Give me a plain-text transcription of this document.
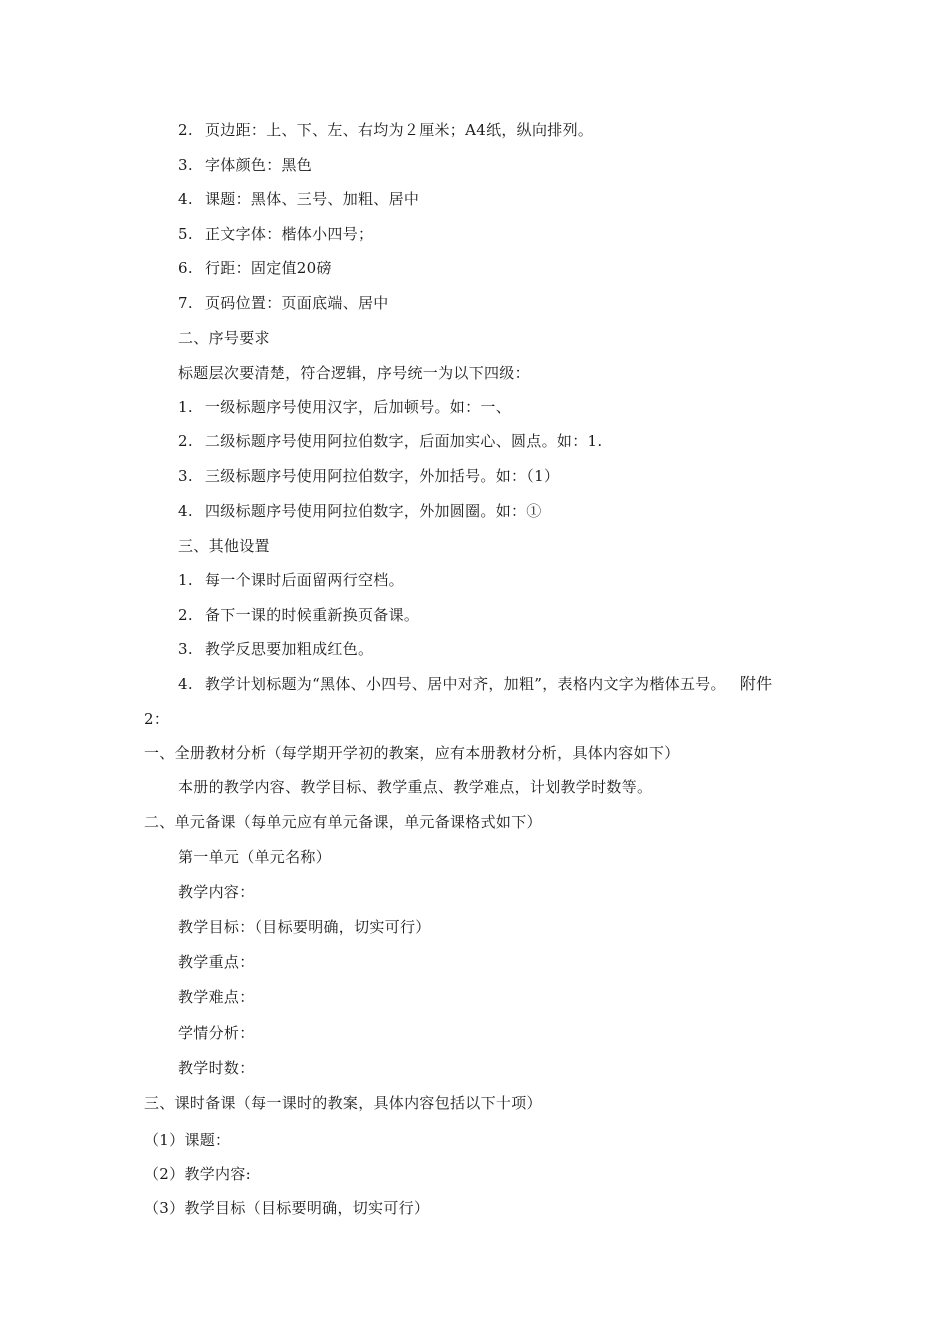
2. 页边距：上、下、左、右均为２厘米；A4纸，纵向排列。
3. 字体颜色：黑色
4. 课题：黑体、三号、加粗、居中
5. 正文字体：楷体小四号；
6. 行距：固定值20磅
7. 页码位置：页面底端、居中
二、序号要求
标题层次要清楚，符合逻辑，序号统一为以下四级：
1. 一级标题序号使用汉字，后加顿号。如：一、
2. 二级标题序号使用阿拉伯数字，后面加实心、圆点。如：1.
3. 三级标题序号使用阿拉伯数字，外加括号。如：（1）
4. 四级标题序号使用阿拉伯数字，外加圆圈。如：①
三、其他设置
1. 每一个课时后面留两行空档。
2. 备下一课的时候重新换页备课。
3. 教学反思要加粗成红色。
4. 教学计划标题为“黑体、小四号、居中对齐，加粗”，表格内文字为楷体五号。 附件
2：
一、全册教材分析（每学期开学初的教案，应有本册教材分析，具体内容如下）
本册的教学内容、教学目标、教学重点、教学难点，计划教学时数等。
二、单元备课（每单元应有单元备课，单元备课格式如下）
第一单元（单元名称）
教学内容：
教学目标：（目标要明确，切实可行）
教学重点：
教学难点：
学情分析：
教学时数：
三、课时备课（每一课时的教案，具体内容包括以下十项）
（1）课题：
（2）教学内容:
（3）教学目标（目标要明确，切实可行）
